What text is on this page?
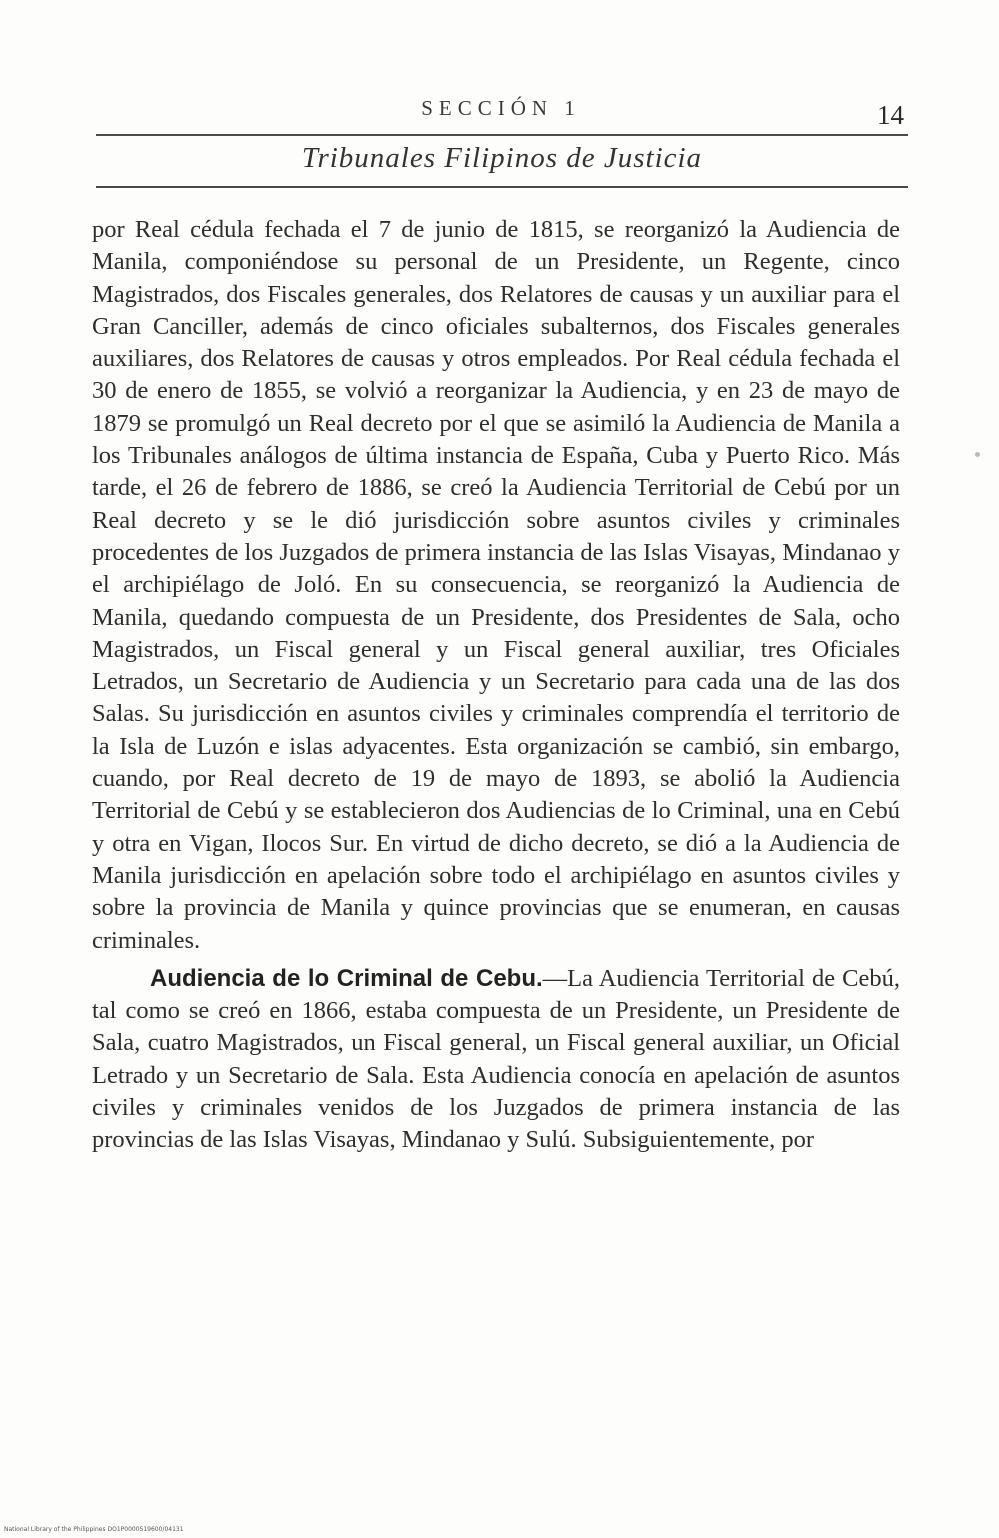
SECCIÓN 1	14
Tribunales Filipinos de Justicia

por Real cédula fechada el 7 de junio de 1815, se reorganizó la Audiencia de Manila, componiéndose su personal de un Presidente, un Regente, cinco Magistrados, dos Fiscales generales, dos Relatores de causas y un auxiliar para el Gran Canciller, además de cinco oficiales subalternos, dos Fiscales generales auxiliares, dos Relatores de causas y otros empleados. Por Real cédula fechada el 30 de enero de 1855, se volvió a reorganizar la Audiencia, y en 23 de mayo de 1879 se promulgó un Real decreto por el que se asimiló la Audiencia de Manila a los Tribunales análogos de última instancia de España, Cuba y Puerto Rico. Más tarde, el 26 de febrero de 1886, se creó la Audiencia Territorial de Cebú por un Real decreto y se le dió jurisdicción sobre asuntos civiles y criminales procedentes de los Juzgados de primera instancia de las Islas Visayas, Mindanao y el archipiélago de Joló. En su consecuencia, se reorganizó la Audiencia de Manila, quedando compuesta de un Presidente, dos Presidentes de Sala, ocho Magistrados, un Fiscal general y un Fiscal general auxiliar, tres Oficiales Letrados, un Secretario de Audiencia y un Secretario para cada una de las dos Salas. Su jurisdicción en asuntos civiles y criminales comprendía el territorio de la Isla de Luzón e islas adyacentes. Esta organización se cambió, sin embargo, cuando, por Real decreto de 19 de mayo de 1893, se abolió la Audiencia Territorial de Cebú y se establecieron dos Audiencias de lo Criminal, una en Cebú y otra en Vigan, Ilocos Sur. En virtud de dicho decreto, se dió a la Audiencia de Manila jurisdicción en apelación sobre todo el archipiélago en asuntos civiles y sobre la provincia de Manila y quince provincias que se enumeran, en causas criminales.

Audiencia de lo Criminal de Cebu.—La Audiencia Territorial de Cebú, tal como se creó en 1866, estaba compuesta de un Presidente, un Presidente de Sala, cuatro Magistrados, un Fiscal general, un Fiscal general auxiliar, un Oficial Letrado y un Secretario de Sala. Esta Audiencia conocía en apelación de asuntos civiles y criminales venidos de los Juzgados de primera instancia de las provincias de las Islas Visayas, Mindanao y Sulú. Subsiguientemente, por

National Library of the Philippines DO1P0000519600/04131
